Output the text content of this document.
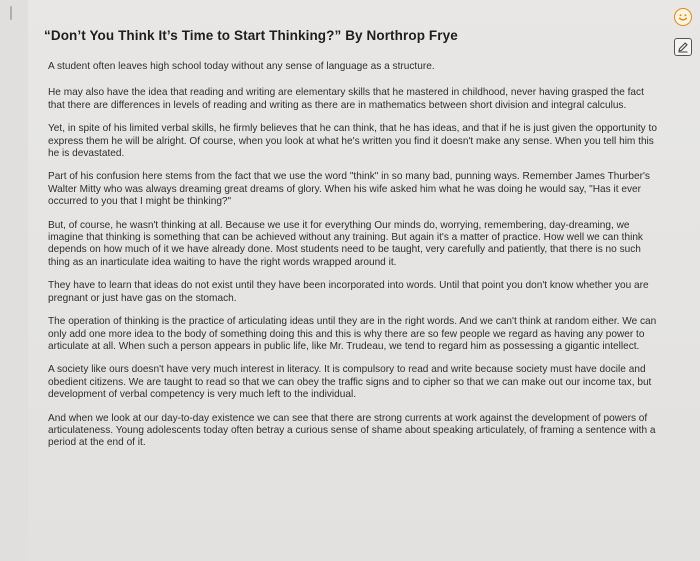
“Don’t You Think It’s Time to Start Thinking?” By Northrop Frye

A student often leaves high school today without any sense of language as a structure.

He may also have the idea that reading and writing are elementary skills that he mastered in childhood, never having grasped the fact that there are differences in levels of reading and writing as there are in mathematics between short division and integral calculus.

Yet, in spite of his limited verbal skills, he firmly believes that he can think, that he has ideas, and that if he is just given the opportunity to express them he will be alright. Of course, when you look at what he's written you find it doesn't make any sense. When you tell him this he is devastated.

Part of his confusion here stems from the fact that we use the word "think" in so many bad, punning ways. Remember James Thurber's Walter Mitty who was always dreaming great dreams of glory. When his wife asked him what he was doing he would say, "Has it ever occurred to you that I might be thinking?"

But, of course, he wasn't thinking at all. Because we use it for everything Our minds do, worrying, remembering, day-dreaming, we imagine that thinking is something that can be achieved without any training. But again it's a matter of practice. How well we can think depends on how much of it we have already done. Most students need to be taught, very carefully and patiently, that there is no such thing as an inarticulate idea waiting to have the right words wrapped around it.

They have to learn that ideas do not exist until they have been incorporated into words. Until that point you don't know whether you are pregnant or just have gas on the stomach.

The operation of thinking is the practice of articulating ideas until they are in the right words. And we can't think at random either. We can only add one more idea to the body of something doing this and this is why there are so few people we regard as having any power to articulate at all. When such a person appears in public life, like Mr. Trudeau, we tend to regard him as possessing a gigantic intellect.

A society like ours doesn't have very much interest in literacy. It is compulsory to read and write because society must have docile and obedient citizens. We are taught to read so that we can obey the traffic signs and to cipher so that we can make out our income tax, but development of verbal competency is very much left to the individual.

And when we look at our day-to-day existence we can see that there are strong currents at work against the development of powers of articulateness. Young adolescents today often betray a curious sense of shame about speaking articulately, of framing a sentence with a period at the end of it.
